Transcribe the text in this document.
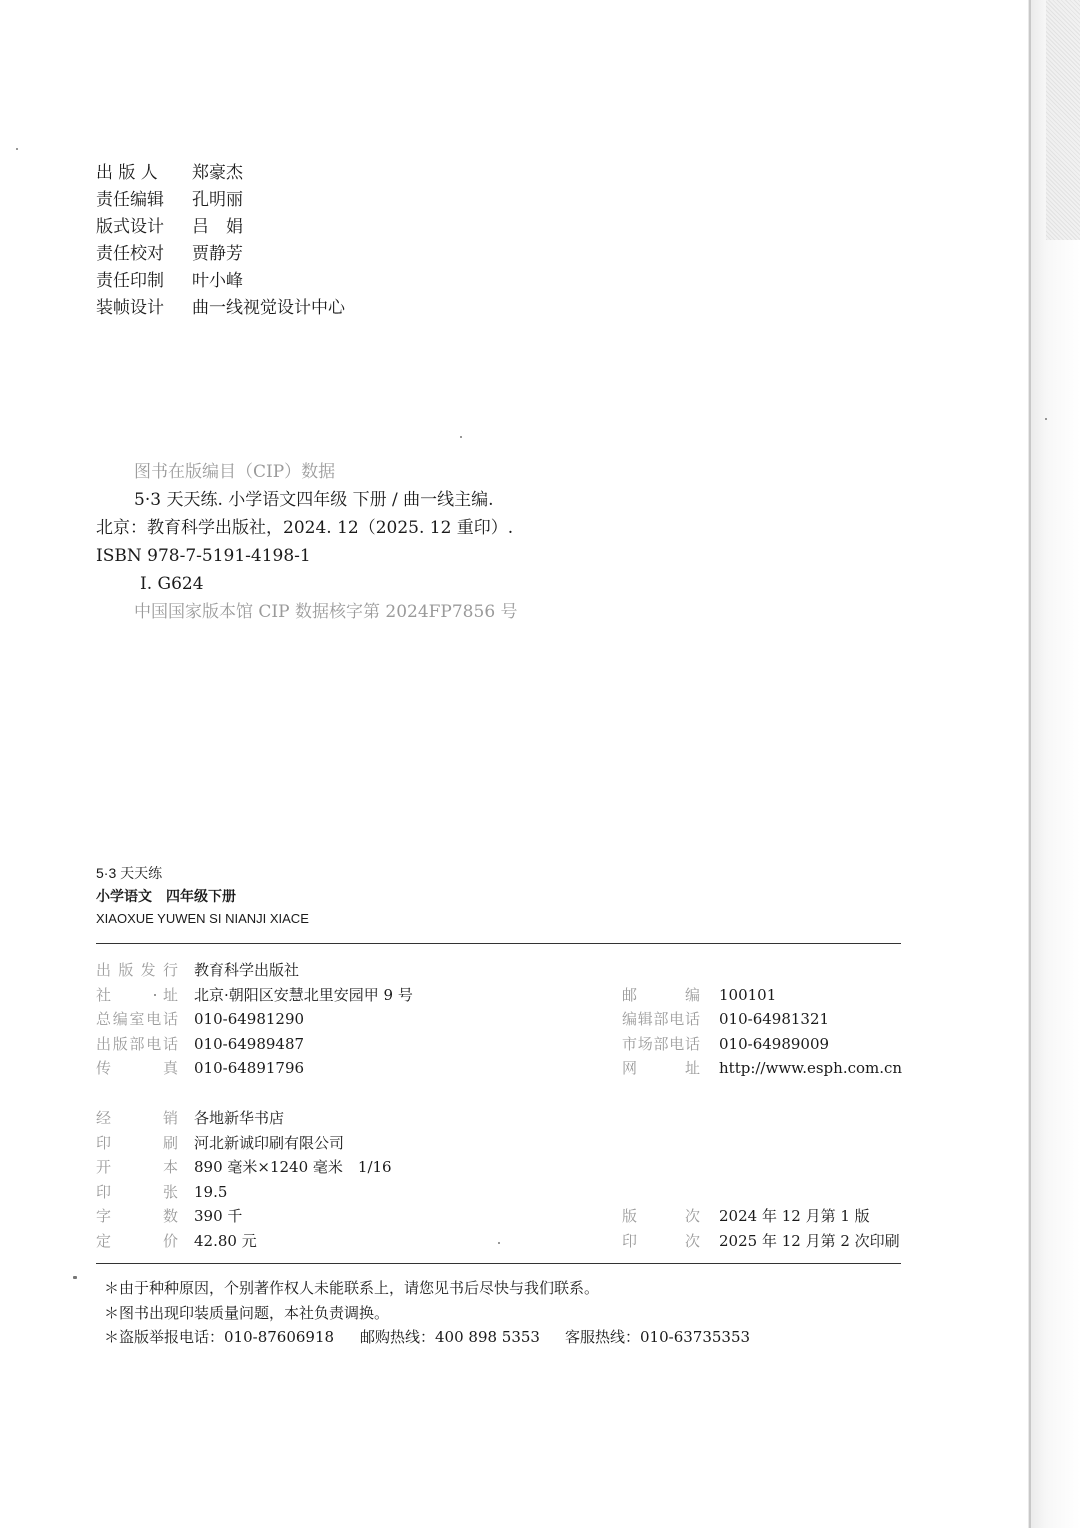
出 版 人	郑豪杰
责任编辑	孔明丽
版式设计	吕　娟
责任校对	贾静芳
责任印制	叶小峰
装帧设计	曲一线视觉设计中心
图书在版编目（CIP）数据
5·3 天天练. 小学语文四年级 下册 / 曲一线主编.
北京：教育科学出版社，2024. 12（2025. 12 重印）.
ISBN 978-7-5191-4198-1
Ⅰ. G624
中国国家版本馆 CIP 数据核字第 2024FP7856 号
5·3 天天练
小学语文　四年级下册
XIAOXUE YUWEN SI NIANJI XIACE
出版发行 教育科学出版社
社址 北京·朝阳区安慧北里安园甲 9 号	邮编 100101
总编室电话 010-64981290	编辑部电话 010-64981321
出版部电话 010-64989487	市场部电话 010-64989009
传真 010-64891796	网址 http://www.esph.com.cn
经销 各地新华书店
印刷 河北新诚印刷有限公司
开本 890 毫米×1240 毫米　1/16
印张 19.5
字数 390 千	版次 2024 年 12 月第 1 版
定价 42.80 元	印次 2025 年 12 月第 2 次印刷
＊由于种种原因，个别著作权人未能联系上，请您见书后尽快与我们联系。
＊图书出现印装质量问题，本社负责调换。
＊盗版举报电话：010-87606918 邮购热线：400 898 5353 客服热线：010-63735353
